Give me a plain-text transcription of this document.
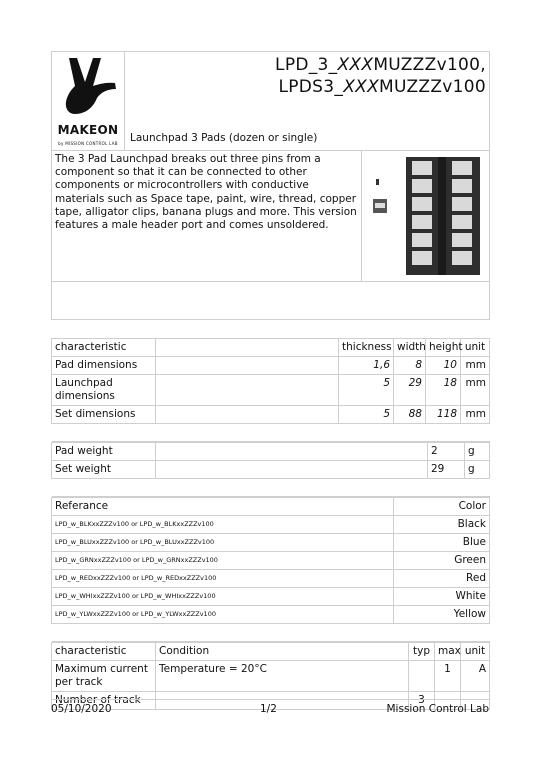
MAKEON
by MISSION CONTROL LAB

LPD_3_XXXMUZZZv100,
LPDS3_XXXMUZZZv100
Launchpad 3 Pads (dozen or single)
The 3 Pad Launchpad breaks out three pins from a component so that it can be connected to other components or microcontrollers with conductive materials such as Space tape, paint, wire, thread, copper tape, alligator clips, banana plugs and more. This version features a male header port and comes unsoldered.	

characteristic		thickness	width	height	unit
Pad dimensions		1,6	8	10	mm
Launchpad dimensions		5	29	18	mm
Set dimensions		5	88	118	mm

Pad weight		2	g
Set weight		29	g

Referance	Color
LPD_w_BLKxxZZZv100 or LPD_w_BLKxxZZZv100	Black
LPD_w_BLUxxZZZv100 or LPD_w_BLUxxZZZv100	Blue
LPD_w_GRNxxZZZv100 or LPD_w_GRNxxZZZv100	Green
LPD_w_REDxxZZZv100 or LPD_w_REDxxZZZv100	Red
LPD_w_WHIxxZZZv100 or LPD_w_WHIxxZZZv100	White
LPD_w_YLWxxZZZv100 or LPD_w_YLWxxZZZv100	Yellow

characteristic	Condition	typ	max	unit
Maximum current per track	Temperature = 20°C		1	A
Number of track		3		
05/10/2020	1/2	Mission Control Lab
